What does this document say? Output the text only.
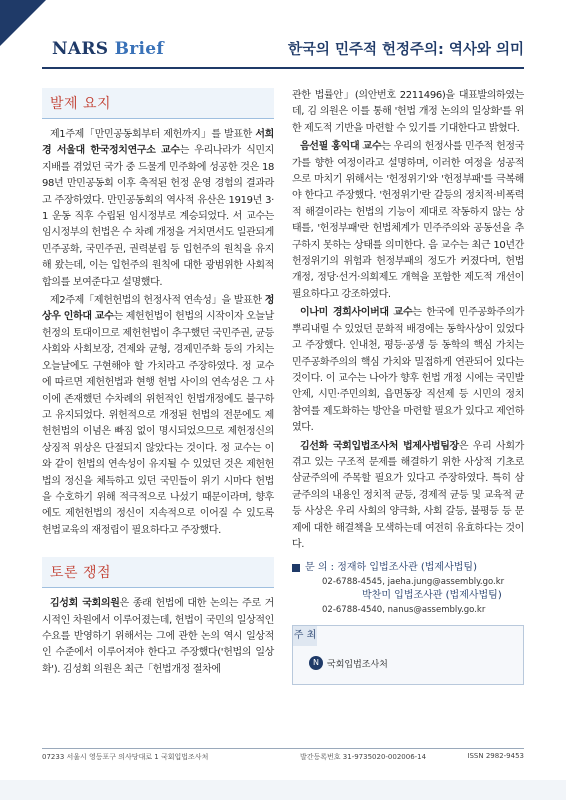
NARS Brief	한국의 민주적 헌정주의: 역사와 의미
발제 요지

제1주제「만민공동회부터 제헌까지」를 발표한 서희경 서울대 한국정치연구소 교수는 우리나라가 식민지 지배를 겪었던 국가 중 드물게 민주화에 성공한 것은 1898년 만민공동회 이후 축적된 헌정 운영 경험의 결과라고 주장하였다. 만민공동회의 역사적 유산은 1919년 3·1 운동 직후 수립된 임시정부로 계승되었다. 서 교수는 임시정부의 헌법은 수 차례 개정을 거치면서도 일관되게 민주공화, 국민주권, 권력분립 등 입헌주의 원칙을 유지해 왔는데, 이는 입헌주의 원칙에 대한 광범위한 사회적 합의를 보여준다고 설명했다.

제2주제「제헌헌법의 헌정사적 연속성」을 발표한 정상우 인하대 교수는 제헌헌법이 헌법의 시작이자 오늘날 헌정의 토대이므로 제헌헌법이 추구했던 국민주권, 균등사회와 사회보장, 견제와 균형, 경제민주화 등의 가치는 오늘날에도 구현해야 할 가치라고 주장하였다. 정 교수에 따르면 제헌헌법과 현행 헌법 사이의 연속성은 그 사이에 존재했던 수차례의 위헌적인 헌법개정에도 불구하고 유지되었다. 위헌적으로 개정된 헌법의 전문에도 제헌헌법의 이념은 빠짐 없이 명시되었으므로 제헌정신의 상징적 위상은 단절되지 않았다는 것이다. 정 교수는 이와 같이 헌법의 연속성이 유지될 수 있었던 것은 제헌헌법의 정신을 체득하고 있던 국민들이 위기 시마다 헌법을 수호하기 위해 적극적으로 나섰기 때문이라며, 향후에도 제헌헌법의 정신이 지속적으로 이어질 수 있도록 헌법교육의 재정립이 필요하다고 주장했다.

토론 쟁점

김성회 국회의원은 종래 헌법에 대한 논의는 주로 거시적인 차원에서 이루어졌는데, 헌법이 국민의 일상적인 수요를 반영하기 위해서는 그에 관한 논의 역시 일상적인 수준에서 이루어져야 한다고 주장했다('헌법의 일상화'). 김성회 의원은 최근「헌법개정 절차에

관한 법률안」(의안번호 2211496)을 대표발의하였는데, 김 의원은 이를 통해 '헌법 개정 논의의 일상화'를 위한 제도적 기반을 마련할 수 있기를 기대한다고 밝혔다.

음선필 홍익대 교수는 우리의 헌정사를 민주적 헌정국가를 향한 여정이라고 설명하며, 이러한 여정을 성공적으로 마치기 위해서는 '헌정위기'와 '헌정부패'를 극복해야 한다고 주장했다. '헌정위기'란 갈등의 정치적·비폭력적 해결이라는 헌법의 기능이 제대로 작동하지 않는 상태를, '헌정부패'란 헌법체계가 민주주의와 공동선을 추구하지 못하는 상태를 의미한다. 음 교수는 최근 10년간 헌정위기의 위험과 헌정부패의 정도가 커졌다며, 헌법 개정, 정당·선거·의회제도 개혁을 포함한 제도적 개선이 필요하다고 강조하였다.

이나미 경희사이버대 교수는 한국에 민주공화주의가 뿌리내릴 수 있었던 문화적 배경에는 동학사상이 있었다고 주장했다. 인내천, 평등·공생 등 동학의 핵심 가치는 민주공화주의의 핵심 가치와 밀접하게 연관되어 있다는 것이다. 이 교수는 나아가 향후 헌법 개정 시에는 국민발안제, 시민·주민의회, 읍면동장 직선제 등 시민의 정치 참여를 제도화하는 방안을 마련할 필요가 있다고 제언하였다.

김선화 국회입법조사처 법제사법팀장은 우리 사회가 겪고 있는 구조적 문제를 해결하기 위한 사상적 기초로 삼균주의에 주목할 필요가 있다고 주장하였다. 특히 삼균주의의 내용인 정치적 균등, 경제적 균등 및 교육적 균등 사상은 우리 사회의 양극화, 사회 갈등, 불평등 등 문제에 대한 해결책을 모색하는데 여전히 유효하다는 것이다.

문 의 : 정재하 입법조사관 (법제사법팀)
02-6788-4545, jaeha.jung@assembly.go.kr
박찬미 입법조사관 (법제사법팀)
02-6788-4540, nanus@assembly.go.kr
주 최
N 국회입법조사처
07233 서울시 영등포구 의사당대로 1 국회입법조사처	발간등록번호 31-9735020-002006-14	ISSN 2982-9453
